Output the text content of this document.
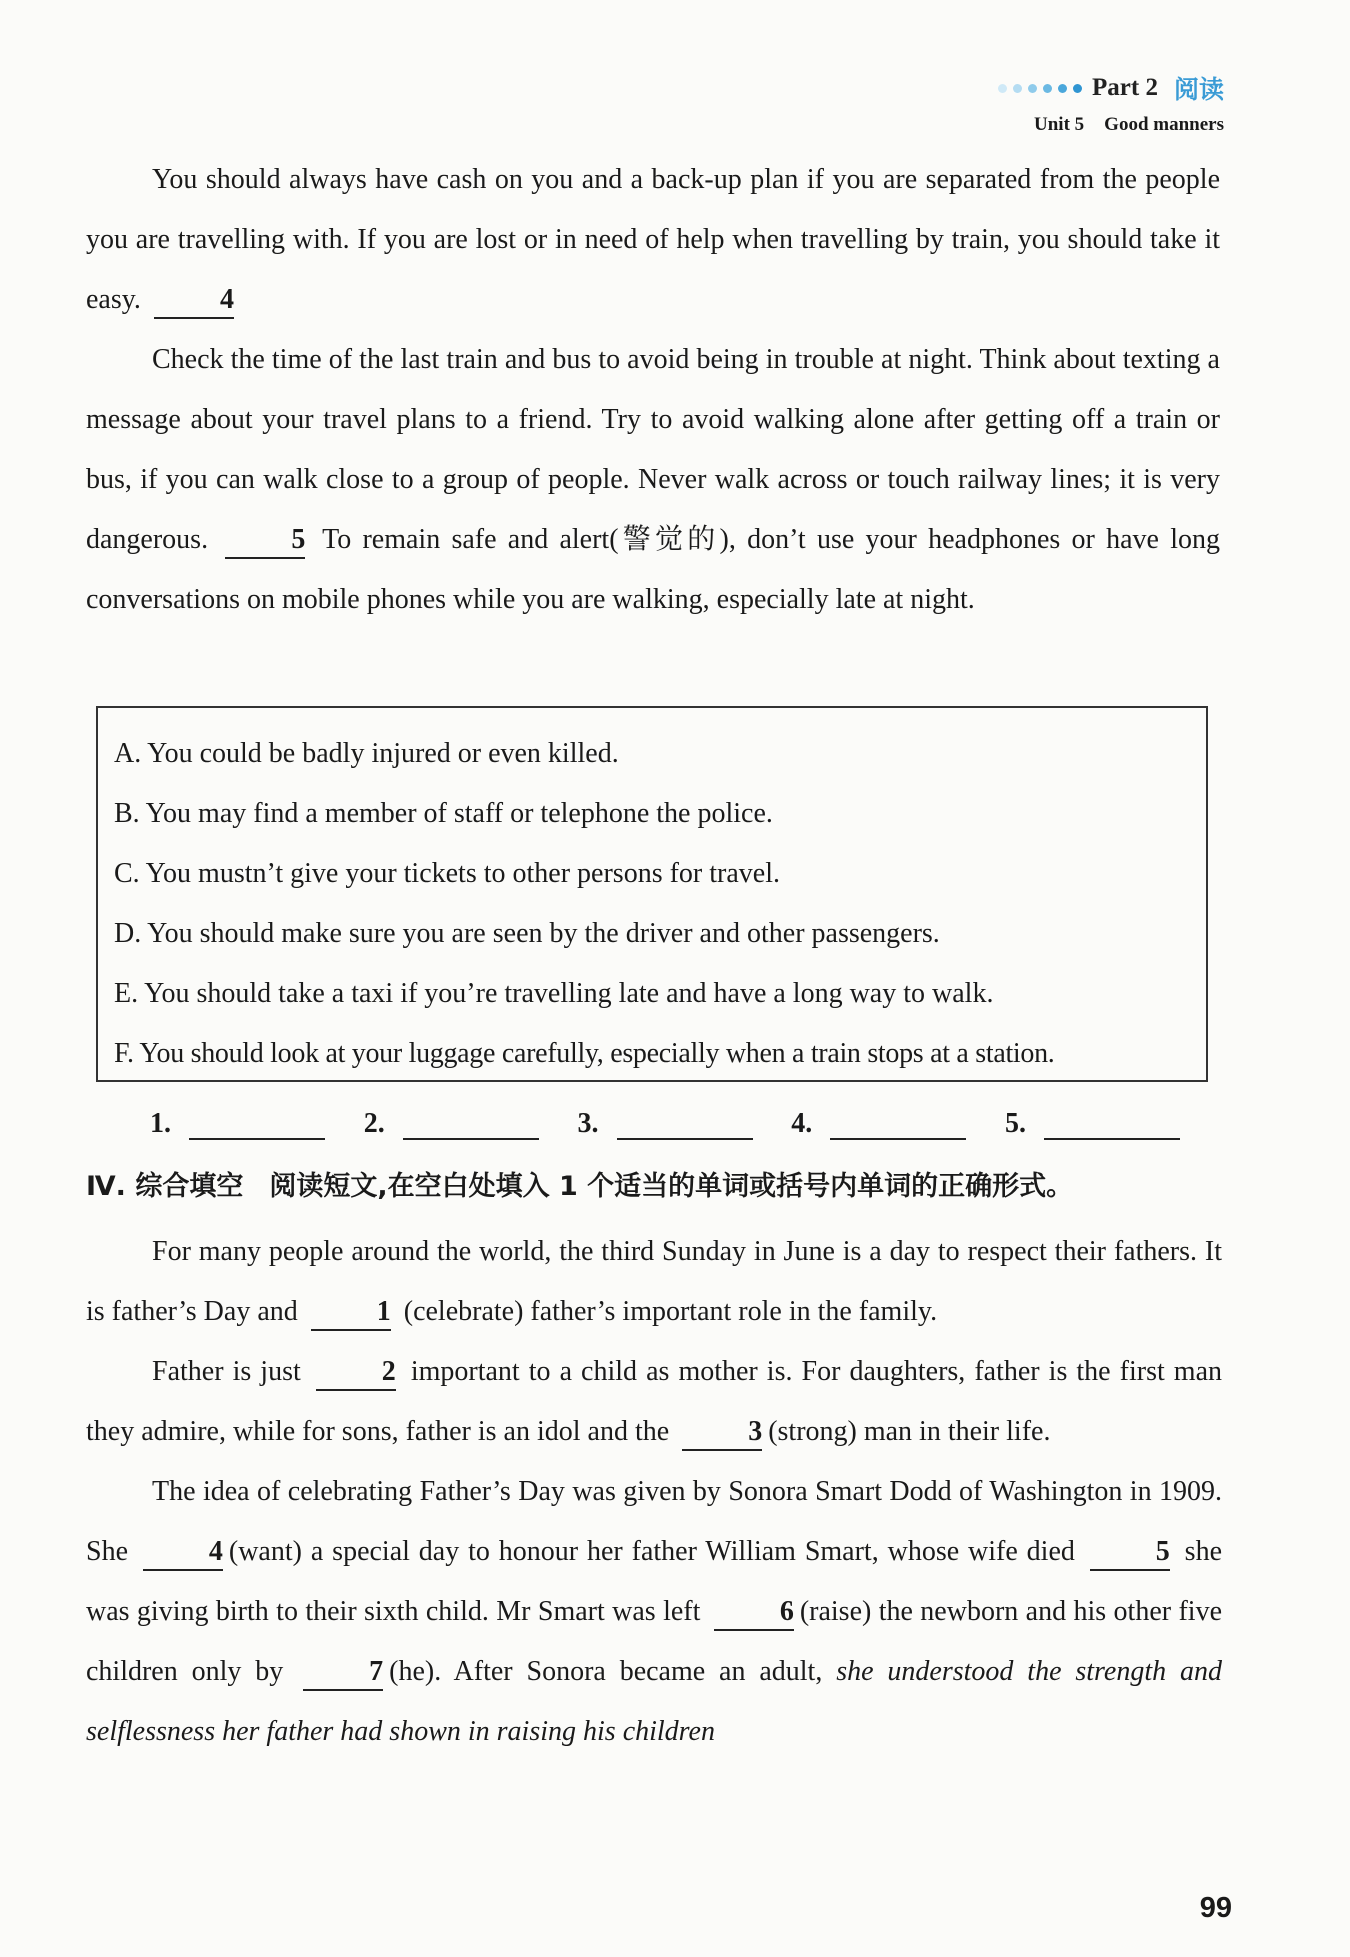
Part 2 阅读
Unit 5 Good manners

You should always have cash on you and a back-up plan if you are separated from the people you are travelling with. If you are lost or in need of help when travelling by train, you should take it easy.	4

Check the time of the last train and bus to avoid being in trouble at night. Think about texting a message about your travel plans to a friend. Try to avoid walking alone after getting off a train or bus, if you can walk close to a group of people. Never walk across or touch railway lines; it is very dangerous.	5 To remain safe and alert(警觉的), don’t use your headphones or have long conversations on mobile phones while you are walking, especially late at night.

A. You could be badly injured or even killed.
B. You may find a member of staff or telephone the police.
C. You mustn’t give your tickets to other persons for travel.
D. You should make sure you are seen by the driver and other passengers.
E. You should take a taxi if you’re travelling late and have a long way to walk.
F. You should look at your luggage carefully, especially when a train stops at a station.
1.	2.	3.	4.	5.
Ⅳ. 综合填空 阅读短文,在空白处填入 1 个适当的单词或括号内单词的正确形式。

For many people around the world, the third Sunday in June is a day to respect their fathers. It is father’s Day and	1 (celebrate) father’s important role in the family.

Father is just	2 important to a child as mother is. For daughters, father is the first man they admire, while for sons, father is an idol and the	3 (strong) man in their life.

The idea of celebrating Father’s Day was given by Sonora Smart Dodd of Washington in 1909. She	4 (want) a special day to honour her father William Smart, whose wife died	5 she was giving birth to their sixth child. Mr Smart was left	6 (raise) the newborn and his other five children only by	7 (he). After Sonora became an adult, she understood the strength and selflessness her father had shown in raising his children

99
